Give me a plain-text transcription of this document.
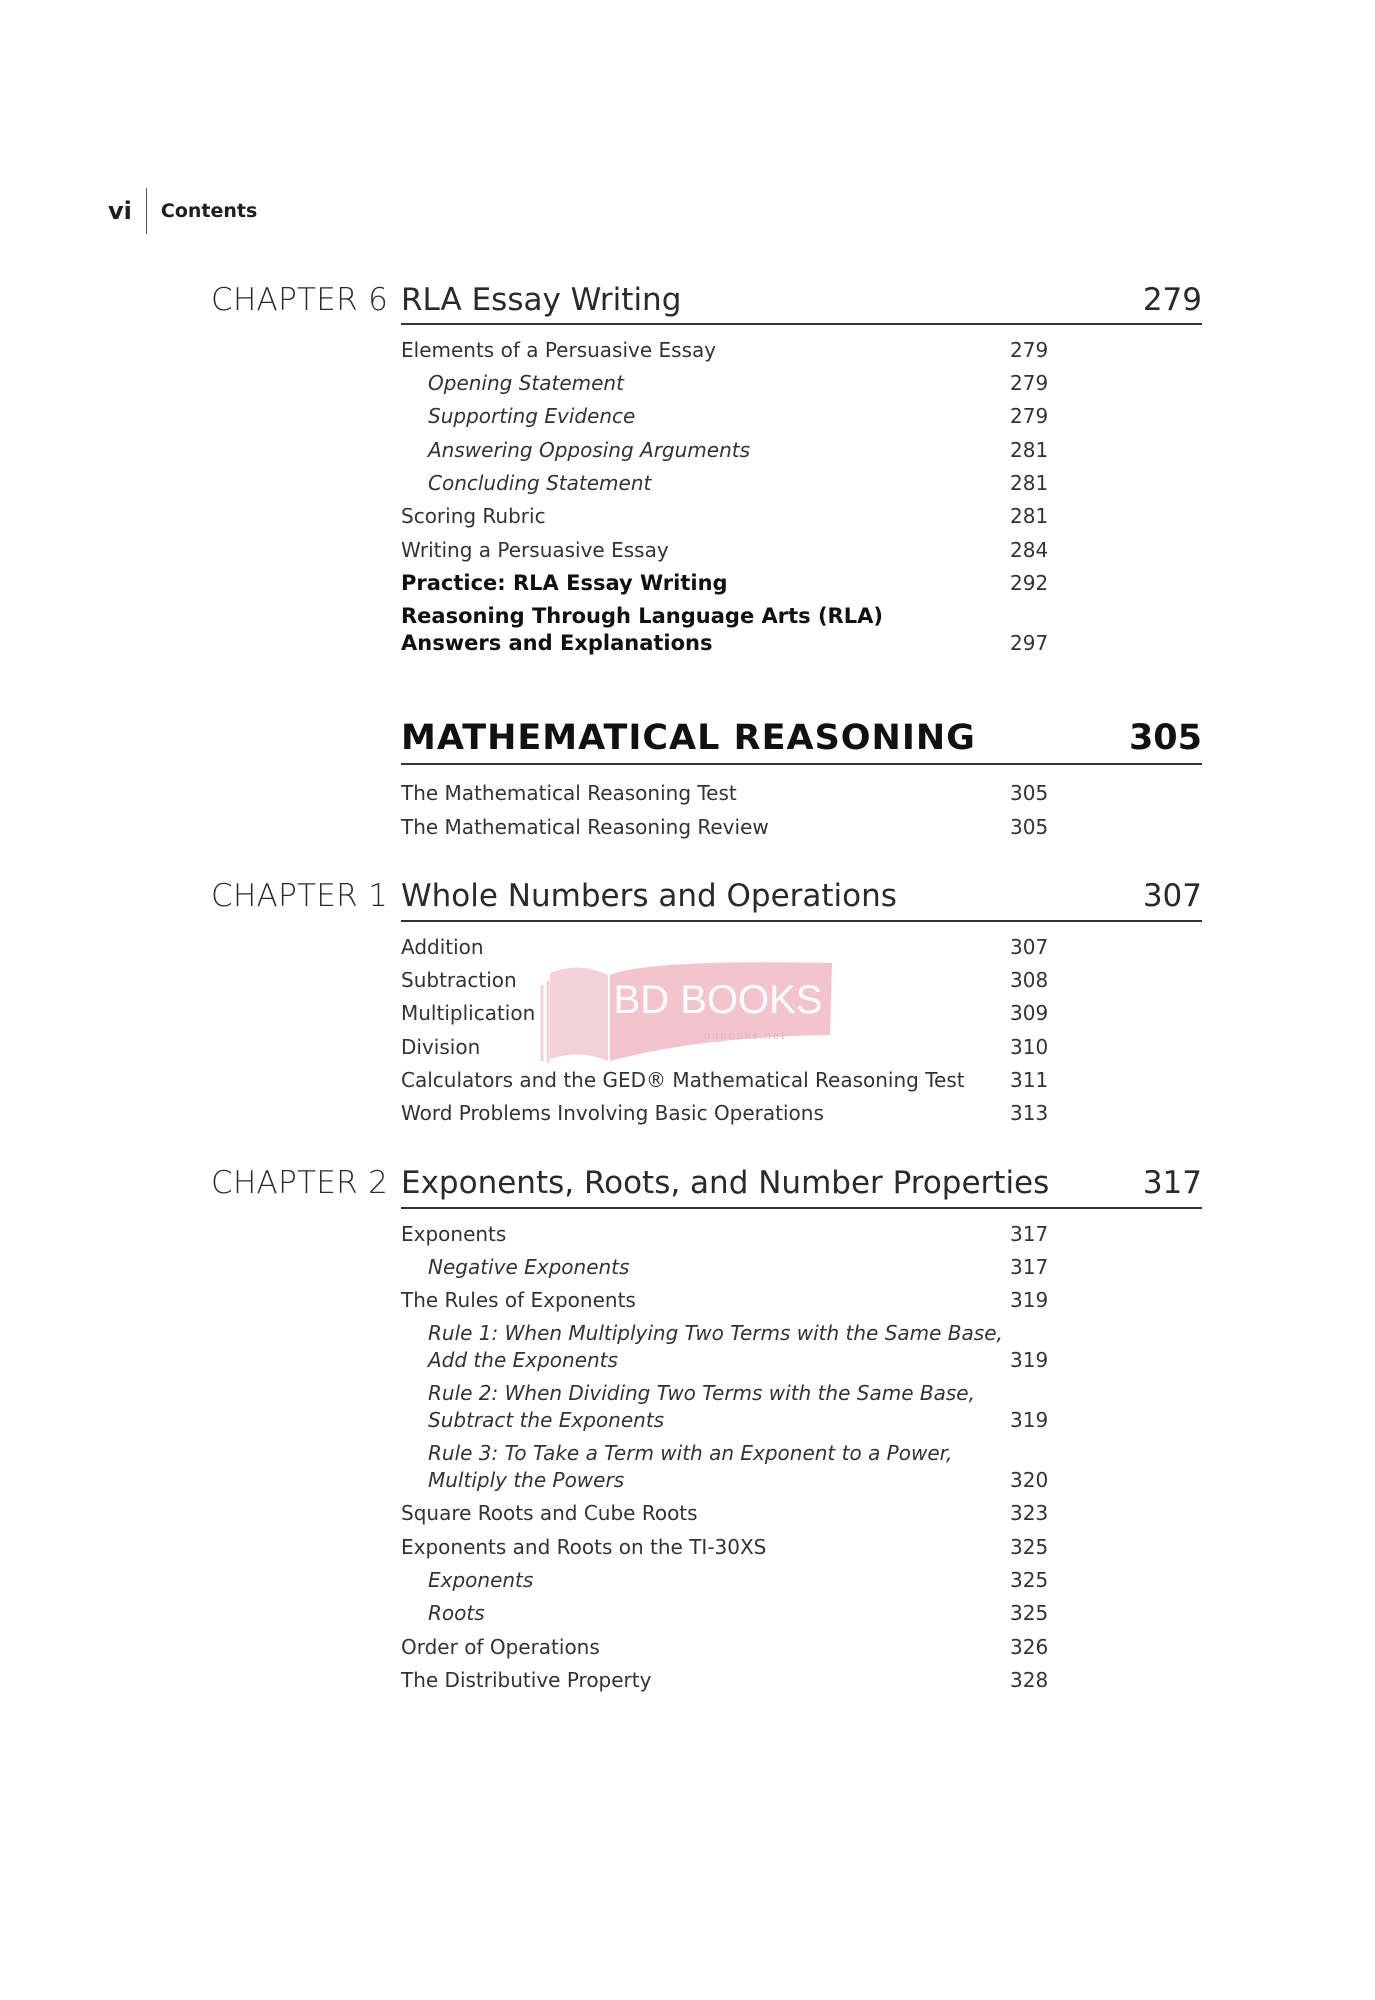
vi	Contents
CHAPTER 6 RLA Essay Writing	279
Elements of a Persuasive Essay	279
Opening Statement	279
Supporting Evidence	279
Answering Opposing Arguments	281
Concluding Statement	281
Scoring Rubric	281
Writing a Persuasive Essay	284
Practice: RLA Essay Writing	292
Reasoning Through Language Arts (RLA)
Answers and Explanations	297
MATHEMATICAL REASONING	305
The Mathematical Reasoning Test	305
The Mathematical Reasoning Review	305
CHAPTER 1 Whole Numbers and Operations	307
Addition	307
Subtraction	308
Multiplication	309
Division	310
Calculators and the GED® Mathematical Reasoning Test	311
Word Problems Involving Basic Operations	313
CHAPTER 2 Exponents, Roots, and Number Properties	317
Exponents	317
Negative Exponents	317
The Rules of Exponents	319
Rule 1: When Multiplying Two Terms with the Same Base,
Add the Exponents	319
Rule 2: When Dividing Two Terms with the Same Base,
Subtract the Exponents	319
Rule 3: To Take a Term with an Exponent to a Power,
Multiply the Powers	320
Square Roots and Cube Roots	323
Exponents and Roots on the TI-30XS	325
Exponents	325
Roots	325
Order of Operations	326
The Distributive Property	328
BD BOOKS
bdbooks.net
